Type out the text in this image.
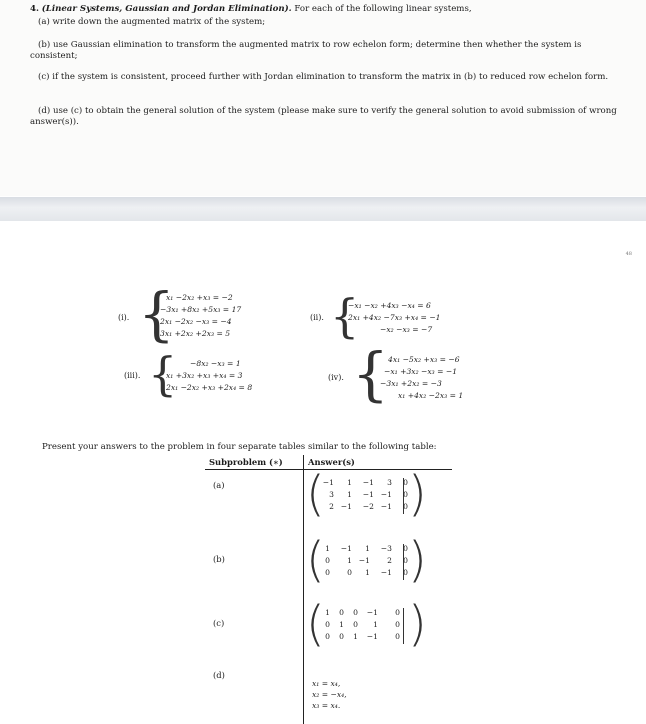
4. (Linear Systems, Gaussian and Jordan Elimination). For each of the following linear systems,
(a) write down the augmented matrix of the system;
(b) use Gaussian elimination to transform the augmented matrix to row echelon form; determine then whether the system is consistent;
(c) if the system is consistent, proceed further with Jordan elimination to transform the matrix in (b) to reduced row echelon form.
(d) use (c) to obtain the general solution of the system (please make sure to verify the general solution to avoid submission of wrong answer(s)).
48
(i). {
x₁ −2x₂ +x₃ = −2
−3x₁ +8x₂ +5x₃ = 17
2x₁ −2x₂ −x₃ = −4
3x₁ +2x₂ +2x₃ = 5
(ii). {
−x₁ −x₂ +4x₃ −x₄ = 6
2x₁ +4x₂ −7x₃ +x₄ = −1
−x₂ −x₃ = −7
(iii). { −8x₂ −x₃ = 1
x₁ +3x₂ +x₃ +x₄ = 3
2x₁ −2x₂ +x₃ +2x₄ = 8
(iv). { 4x₁ −5x₂ +x₃ = −6
−x₁ +3x₂ −x₃ = −1
−3x₁ +2x₂ = −3
x₁ +4x₂ −2x₃ = 1
Present your answers to the problem in four separate tables similar to the following table:
Subproblem (∗)	Answer(s)
(a)	( )
−1 1 −1 3 0
3 1 −1 −1 0
2 −1 −2 −1 0

(b)	( )
1 −1 1 −3 0
0 1 −1 2 0
0 0 1 −1 0

(c)	( )
1 0 0 −1 0
0 1 0 1 0
0 0 1 −1 0

(d)	x₁ = x₄,
x₂ = −x₄,
x₃ = x₄.
